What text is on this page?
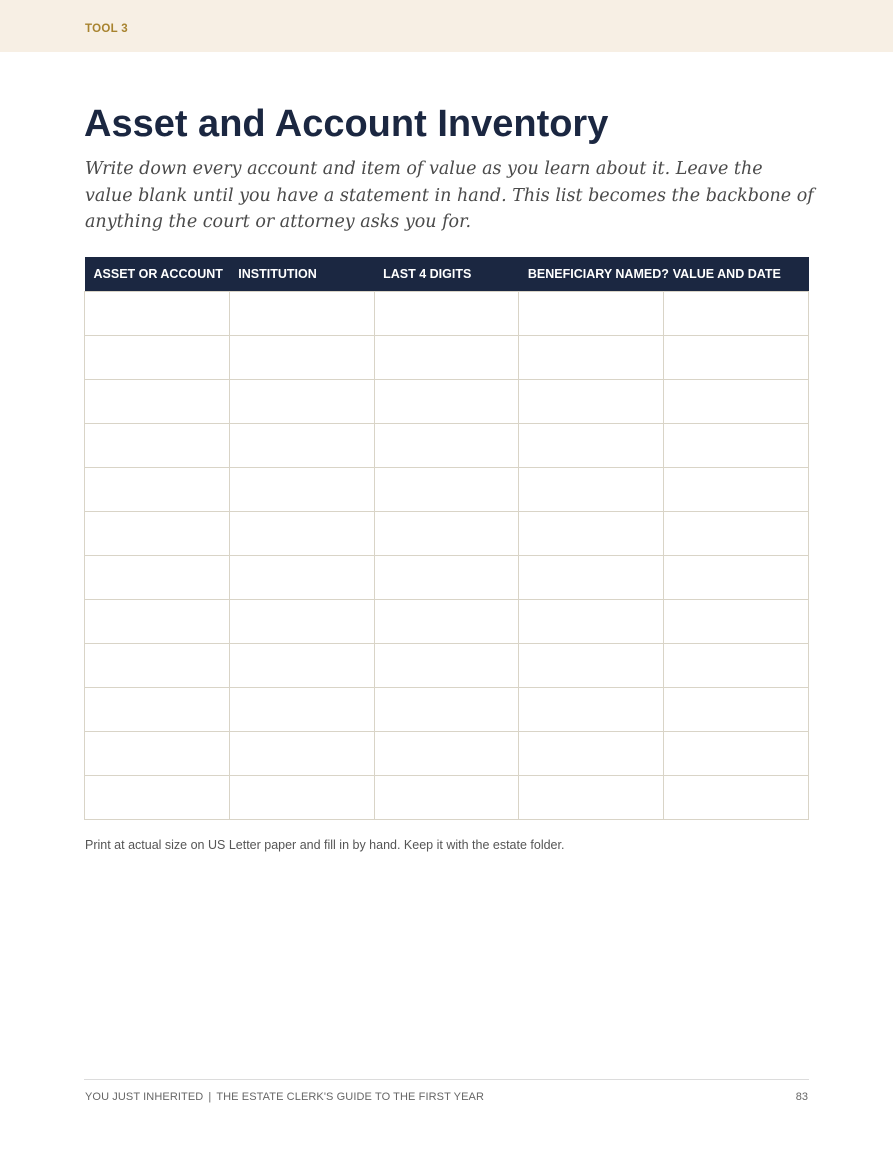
TOOL 3
Asset and Account Inventory

Write down every account and item of value as you learn about it. Leave the value blank until you have a statement in hand. This list becomes the backbone of anything the court or attorney asks you for.

ASSET OR ACCOUNT	INSTITUTION	LAST 4 DIGITS	BENEFICIARY NAMED?	VALUE AND DATE

Print at actual size on US Letter paper and fill in by hand. Keep it with the estate folder.

YOU JUST INHERITED | THE ESTATE CLERK'S GUIDE TO THE FIRST YEAR	83
